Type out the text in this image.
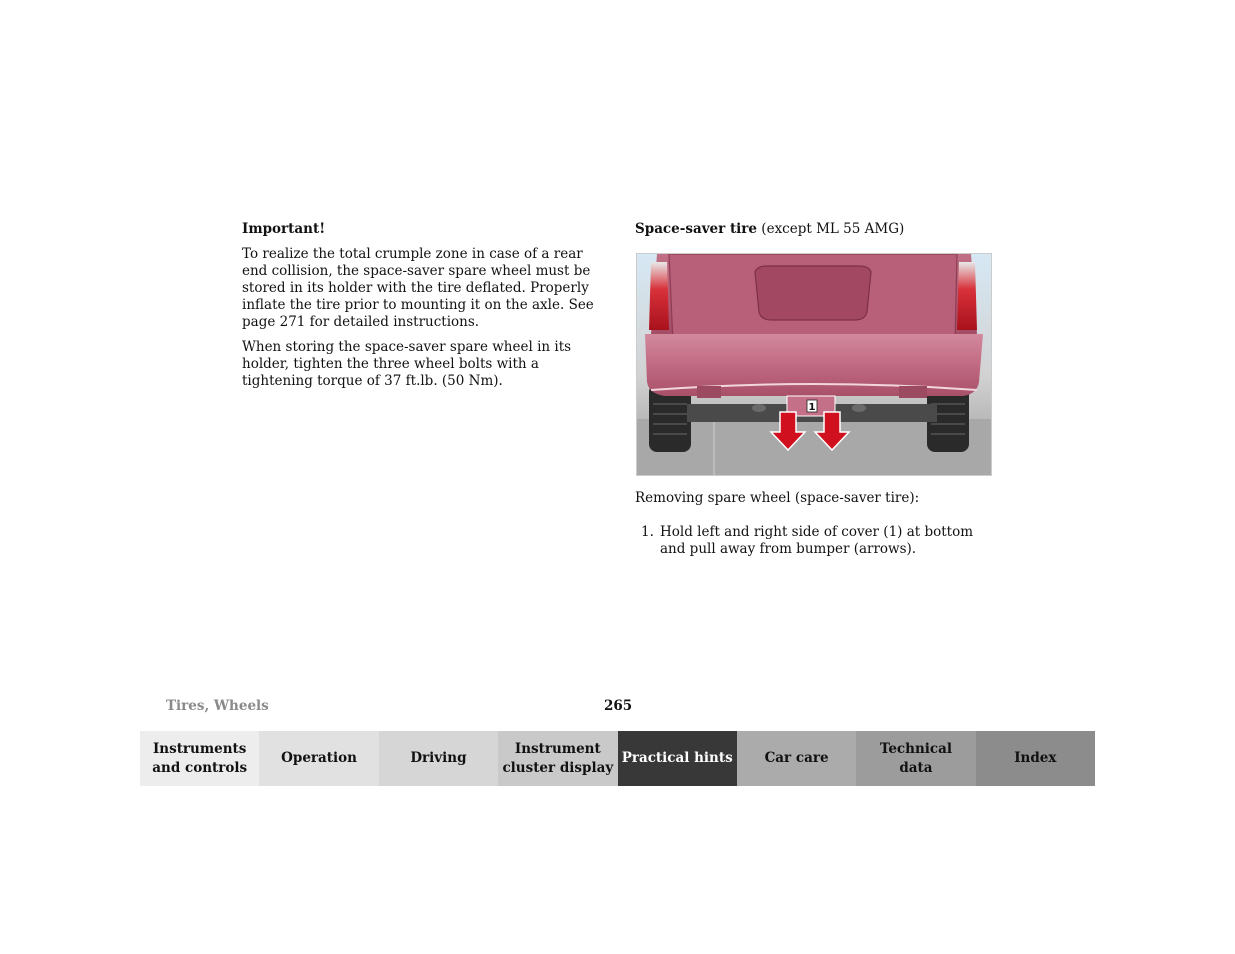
Important!

To realize the total crumple zone in case of a rear end collision, the space-saver spare wheel must be stored in its holder with the tire deflated. Properly inflate the tire prior to mounting it on the axle. See page 271 for detailed instructions.

When storing the space-saver spare wheel in its holder, tighten the three wheel bolts with a tightening torque of 37 ft.lb. (50 Nm).

Space-saver tire (except ML 55 AMG)

1
Removing spare wheel (space-saver tire):
1. Hold left and right side of cover (1) at bottom and pull away from bumper (arrows).
Tires, Wheels	265
Instruments
and controls
Operation	Driving
Instrument
cluster display
Practical hints	Car care
Technical
data
Index
